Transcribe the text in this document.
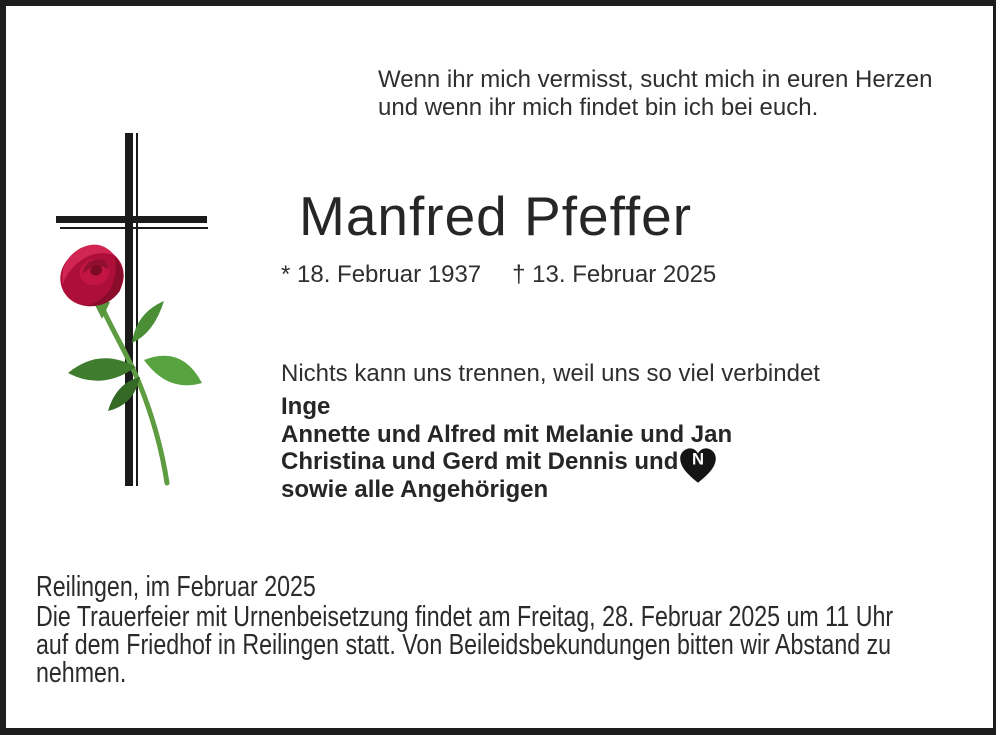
Wenn ihr mich vermisst, sucht mich in euren Herzen
und wenn ihr mich findet bin ich bei euch.
Manfred Pfeffer
* 18. Februar 1937 † 13. Februar 2025
Nichts kann uns trennen, weil uns so viel verbindet
Inge
Annette und Alfred mit Melanie und Jan
Christina und Gerd mit Dennis und
sowie alle Angehörigen
N
Reilingen, im Februar 2025
Die Trauerfeier mit Urnenbeisetzung findet am Freitag, 28. Februar 2025 um 11 Uhr
auf dem Friedhof in Reilingen statt. Von Beileidsbekundungen bitten wir Abstand zu
nehmen.
